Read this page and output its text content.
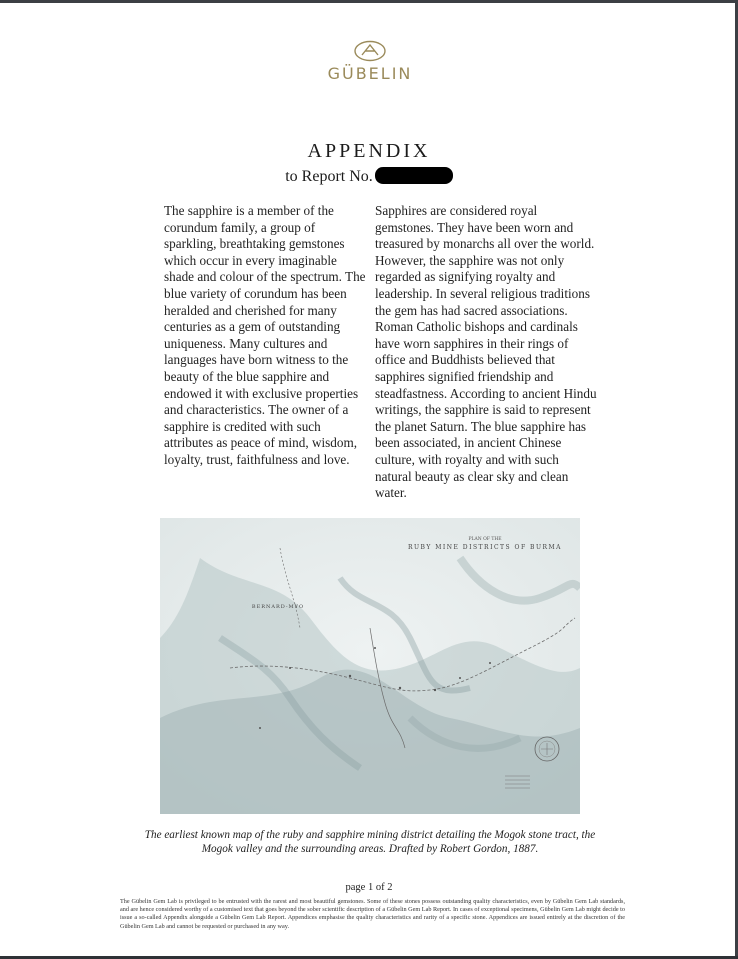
GÜBELIN
APPENDIX
to Report No.

The sapphire is a member of the corundum family, a group of sparkling, breathtaking gemstones which occur in every imaginable shade and colour of the spectrum. The blue variety of corundum has been heralded and cherished for many centuries as a gem of outstanding uniqueness. Many cultures and languages have born witness to the beauty of the blue sapphire and endowed it with exclusive properties and characteristics. The owner of a sapphire is credited with such attributes as peace of mind, wisdom, loyalty, trust, faithfulness and love.

Sapphires are considered royal gemstones. They have been worn and treasured by monarchs all over the world. However, the sapphire was not only regarded as signifying royalty and leadership. In several religious traditions the gem has had sacred associations. Roman Catholic bishops and cardinals have worn sapphires in their rings of office and Buddhists believed that sapphires signified friendship and steadfastness. According to ancient Hindu writings, the sapphire is said to represent the planet Saturn. The blue sapphire has been associated, in ancient Chinese culture, with royalty and with such natural beauty as clear sky and clean water.

PLAN OF THE
RUBY MINE DISTRICTS OF BURMA
BERNARD-MYO
The earliest known map of the ruby and sapphire mining district detailing the Mogok stone tract, the Mogok valley and the surrounding areas. Drafted by Robert Gordon, 1887.
page 1 of 2
The Gübelin Gem Lab is privileged to be entrusted with the rarest and most beautiful gemstones. Some of these stones possess outstanding quality characteristics, even by Gübelin Gem Lab standards, and are hence considered worthy of a customised text that goes beyond the sober scientific description of a Gübelin Gem Lab Report. In cases of exceptional specimens, Gübelin Gem Lab might decide to issue a so-called Appendix alongside a Gübelin Gem Lab Report. Appendices emphasise the quality characteristics and rarity of a specific stone. Appendices are issued entirely at the discretion of the Gübelin Gem Lab and cannot be requested or purchased in any way.
